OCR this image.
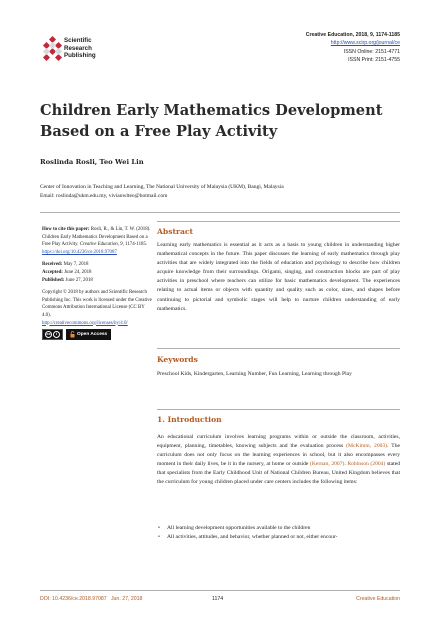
Scientific
Research
Publishing
Creative Education, 2018, 9, 1174-1185
http://www.scirp.org/journal/ce
ISSN Online: 2151-4771
ISSN Print: 2151-4755
Children Early Mathematics Development Based on a Free Play Activity
Roslinda Rosli, Teo Wei Lin
Center of Innovation in Teaching and Learning, The National University of Malaysia (UKM), Bangi, Malaysia
Email: roslinda@ukm.edu.my, vivianwlteo@hotmail.com
How to cite this paper: Rosli, R., & Lin, T. W. (2018). Children Early Mathematics Development Based on a Free Play Activity. Creative Education, 9, 1174-1185.
https://doi.org/10.4236/ce.2018.97087
Received: May 7, 2018
Accepted: June 24, 2018
Published: June 27, 2018
Copyright © 2018 by authors and Scientific Research Publishing Inc. This work is licensed under the Creative Commons Attribution International License (CC BY 4.0).
http://creativecommons.org/licenses/by/4.0/
cc	i	Open Access
Abstract

Learning early mathematics is essential as it acts as a basis to young children in understanding higher mathematical concepts in the future. This paper discusses the learning of early mathematics through play activities that are widely integrated into the fields of education and psychology to describe how children acquire knowledge from their surroundings. Origami, singing, and construction blocks are part of play activities in preschool where teachers can utilize for basic mathematics development. The experiences relating to actual items or objects with quantity and quality such as color, sizes, and shapes before continuing to pictorial and symbolic stages will help to nurture children understanding of early mathematics.

Keywords

Preschool Kids, Kindergarten, Learning Number, Fun Learning, Learning through Play

1. Introduction

An educational curriculum involves learning programs within or outside the classroom, activities, equipment, planning, timetables, knowing subjects and the evaluation process (McKimm, 2003). The curriculum does not only focus on the learning experiences in school, but it also encompasses every moment in their daily lives, be it in the nursery, at home or outside (Kernan, 2007). Robinson (2004) stated that specialists from the Early Childhood Unit of National Children Bureau, United Kingdom believes that the curriculum for young children placed under care centers includes the following items:

• All learning development opportunities available to the children
• All activities, attitudes, and behavior, whether planned or not, either encour-
DOI: 10.4236/ce.2018.97087 Jun. 27, 2018	1174	Creative Education
